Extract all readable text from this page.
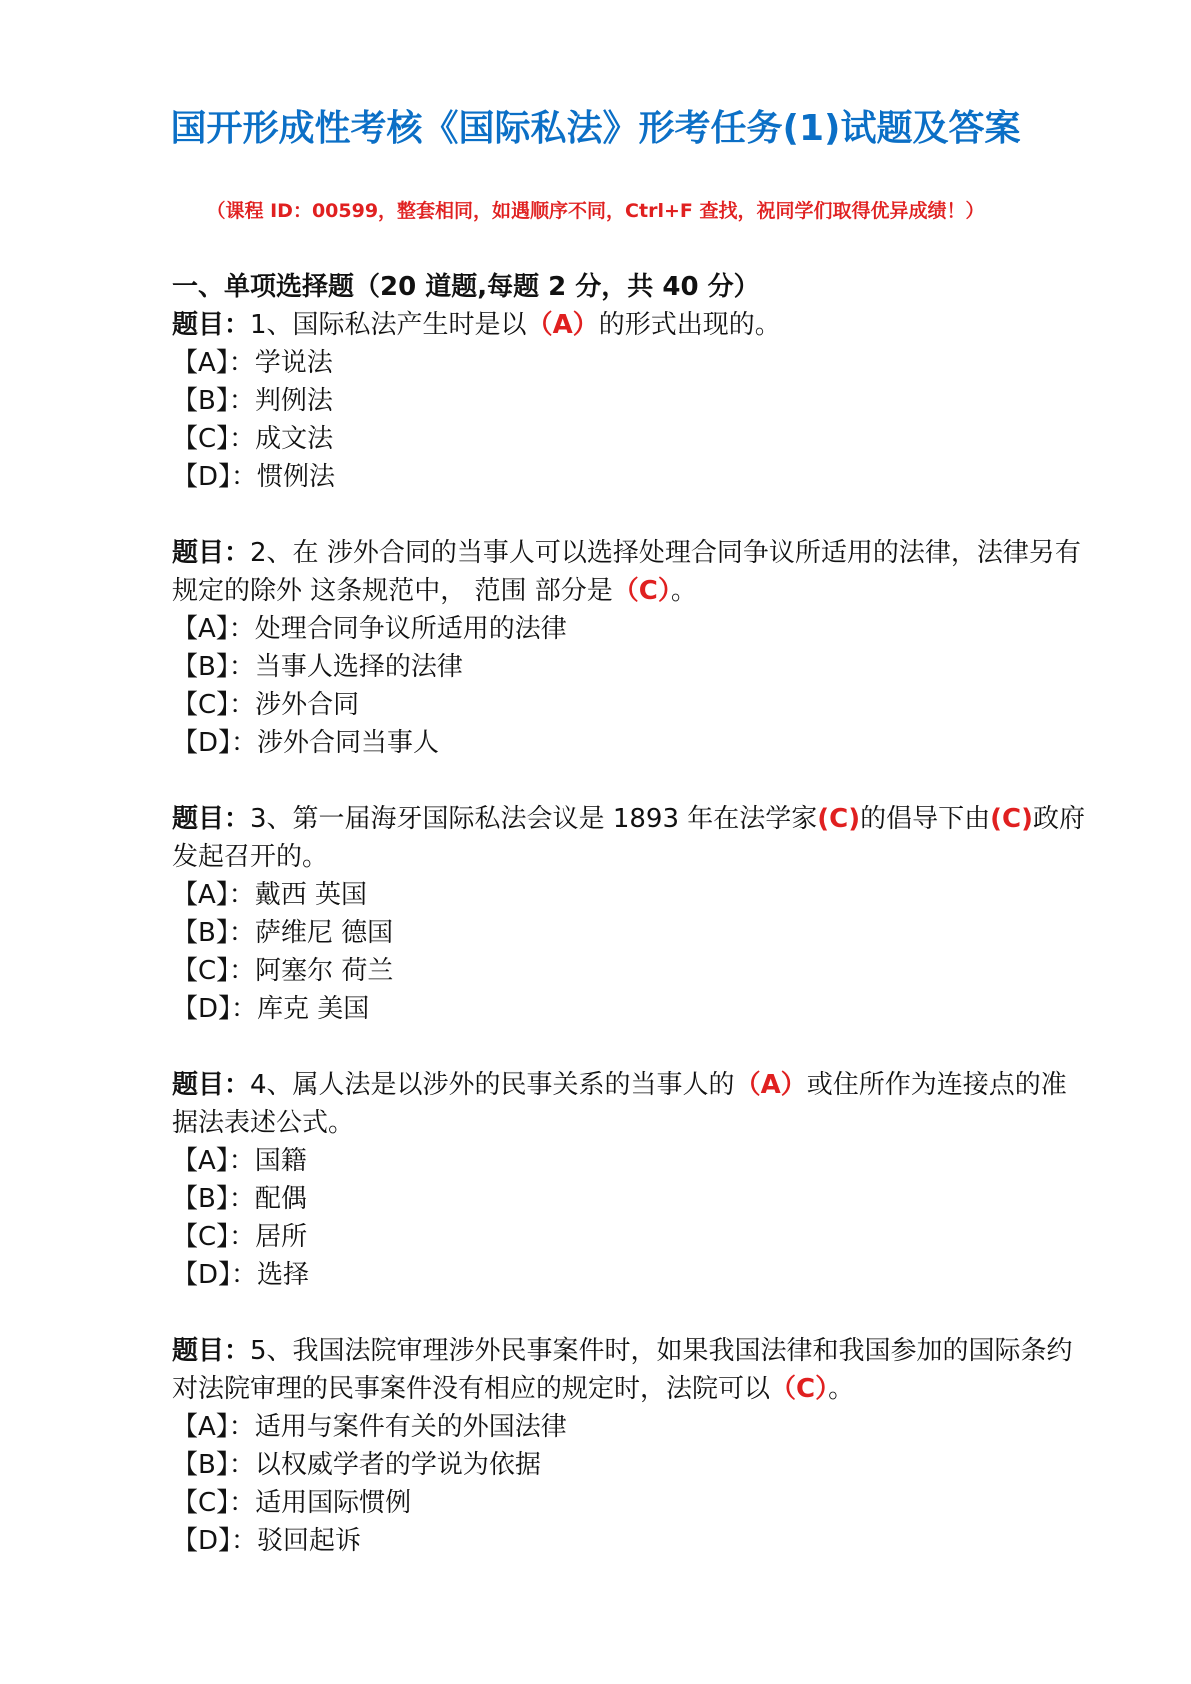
国开形成性考核《国际私法》形考任务(1)试题及答案
（课程 ID：00599，整套相同，如遇顺序不同，Ctrl+F 查找，祝同学们取得优异成绩！）
一、单项选择题（20 道题,每题 2 分，共 40 分）

题目：1、国际私法产生时是以（A）的形式出现的。

【A】：学说法
【B】：判例法
【C】：成文法
【D】：惯例法

题目：2、在 涉外合同的当事人可以选择处理合同争议所适用的法律，法律另有规定的除外 这条规范中， 范围 部分是（C）。

【A】：处理合同争议所适用的法律
【B】：当事人选择的法律
【C】：涉外合同
【D】：涉外合同当事人

题目：3、第一届海牙国际私法会议是 1893 年在法学家(C)的倡导下由(C)政府发起召开的。

【A】：戴西 英国
【B】：萨维尼 德国
【C】：阿塞尔 荷兰
【D】：库克 美国

题目：4、属人法是以涉外的民事关系的当事人的（A）或住所作为连接点的准据法表述公式。

【A】：国籍
【B】：配偶
【C】：居所
【D】：选择

题目：5、我国法院审理涉外民事案件时，如果我国法律和我国参加的国际条约对法院审理的民事案件没有相应的规定时，法院可以（C）。

【A】：适用与案件有关的外国法律
【B】：以权威学者的学说为依据
【C】：适用国际惯例
【D】：驳回起诉
